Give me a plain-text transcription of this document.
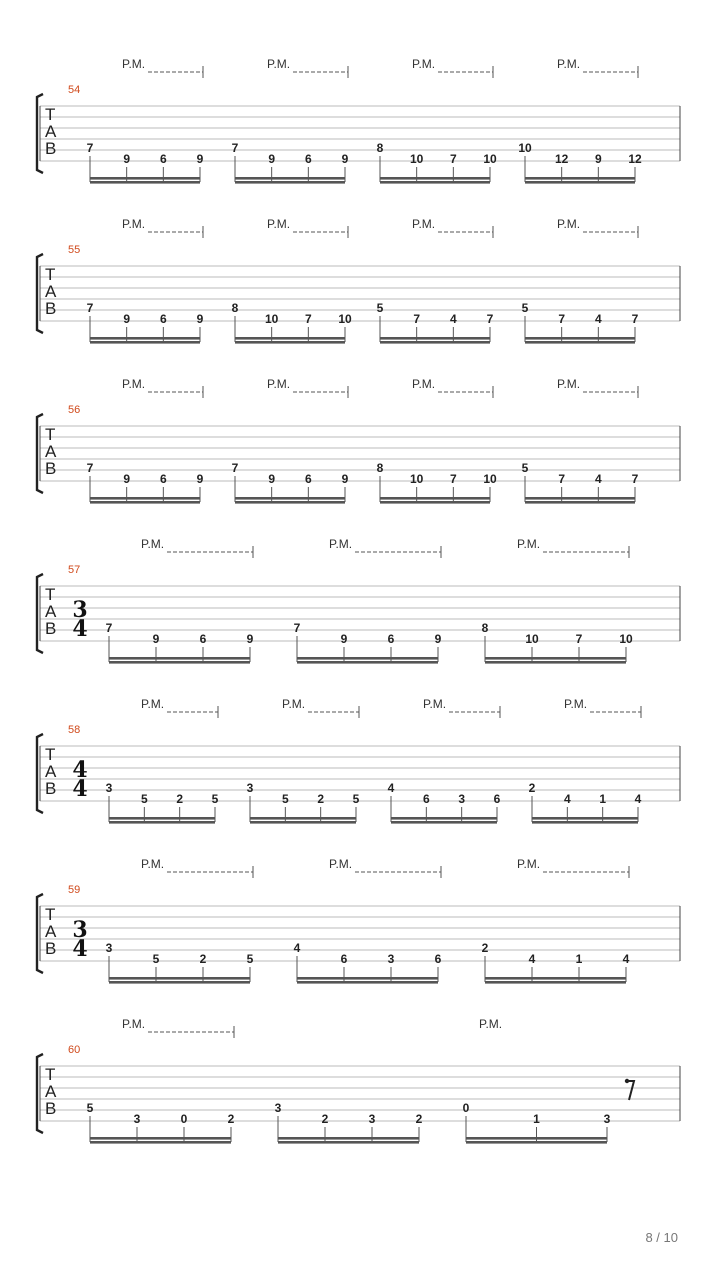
T
A
B
54
7
9 6 9
P.M.
7
9 6 9
P.M.
8
10 7 10
P.M.
10
12 9 12
P.M.
T
A
B
55
7
9 6 9
P.M.
8
10 7 10
P.M.
5
7 4 7
P.M.
5
7 4 7
P.M.
T
A
B
56
7
9 6 9
P.M.
7
9 6 9
P.M.
8
10 7 10
P.M.
5
7 4 7
P.M.
T
A
B
57
3
4 7
9	6	9
P.M.
7
9	6	9
P.M.
8
10	7	10
P.M.
T
A
B
58
4
4 3
5 2 5
P.M.
3
5 2 5
P.M.
4
6 3 6
P.M.
2
4 1 4
P.M.
T
A
B
59
3
4 3
5	2	5
P.M.
4
6	3	6
P.M.
2
4	1	4
P.M.
T
A
B
60
5
3	0	2
P.M.
3
2	3	2
0
1	3
P.M.
8 / 10
